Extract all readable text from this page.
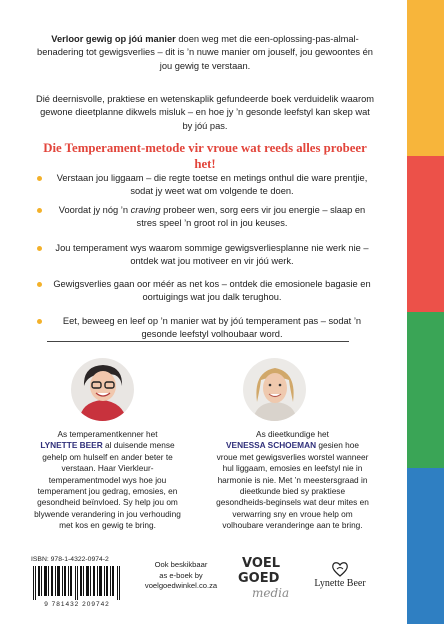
Verloor gewig op jóú manier doen weg met die een-oplossing-pas-almal-benadering tot gewigsverlies – dit is ’n nuwe manier om jouself, jou gewoontes én jou gewig te verstaan.

Dié deernisvolle, praktiese en wetenskaplik gefundeerde boek verduidelik waarom gewone dieetplanne dikwels misluk – en hoe jy ’n gesonde leefstyl kan skep wat by jóú pas.

Die Temperament-metode vir vroue wat reeds alles probeer het!

Verstaan jou liggaam – die regte toetse en metings onthul die ware prentjie, sodat jy weet wat om volgende te doen.
Voordat jy nóg ’n craving probeer wen, sorg eers vir jou energie – slaap en stres speel ’n groot rol in jou keuses.
Jou temperament wys waarom sommige gewigsverliesplanne nie werk nie – ontdek wat jou motiveer en vir jóú werk.
Gewigsverlies gaan oor méér as net kos – ontdek die emosionele bagasie en oortuigings wat jou dalk terughou.
Eet, beweeg en leef op ’n manier wat by jóú temperament pas – sodat ’n gesonde leefstyl volhoubaar word.

As temperamentkenner het
LYNETTE BEER al duisende mense gehelp om hulself en ander beter te verstaan. Haar Vierkleur-temperamentmodel wys hoe jou temperament jou gedrag, emosies, en gesondheid beïnvloed. Sy help jou om blywende verandering in jou verhouding met kos en gewig te bring.

As dieetkundige het
VENESSA SCHOEMAN gesien hoe vroue met gewigsverlies worstel wanneer hul liggaam, emosies en leefstyl nie in harmonie is nie. Met ’n meestersgraad in dieetkunde bied sy praktiese gesondheids-beginsels wat deur mites en verwarring sny en vroue help om volhoubare veranderinge aan te bring.

ISBN: 978-1-4322-0974-2
9 781432 209742

Ook beskikbaar
as e-boek by
voelgoedwinkel.co.za

VOEL
GOED
media
Lynette Beer
